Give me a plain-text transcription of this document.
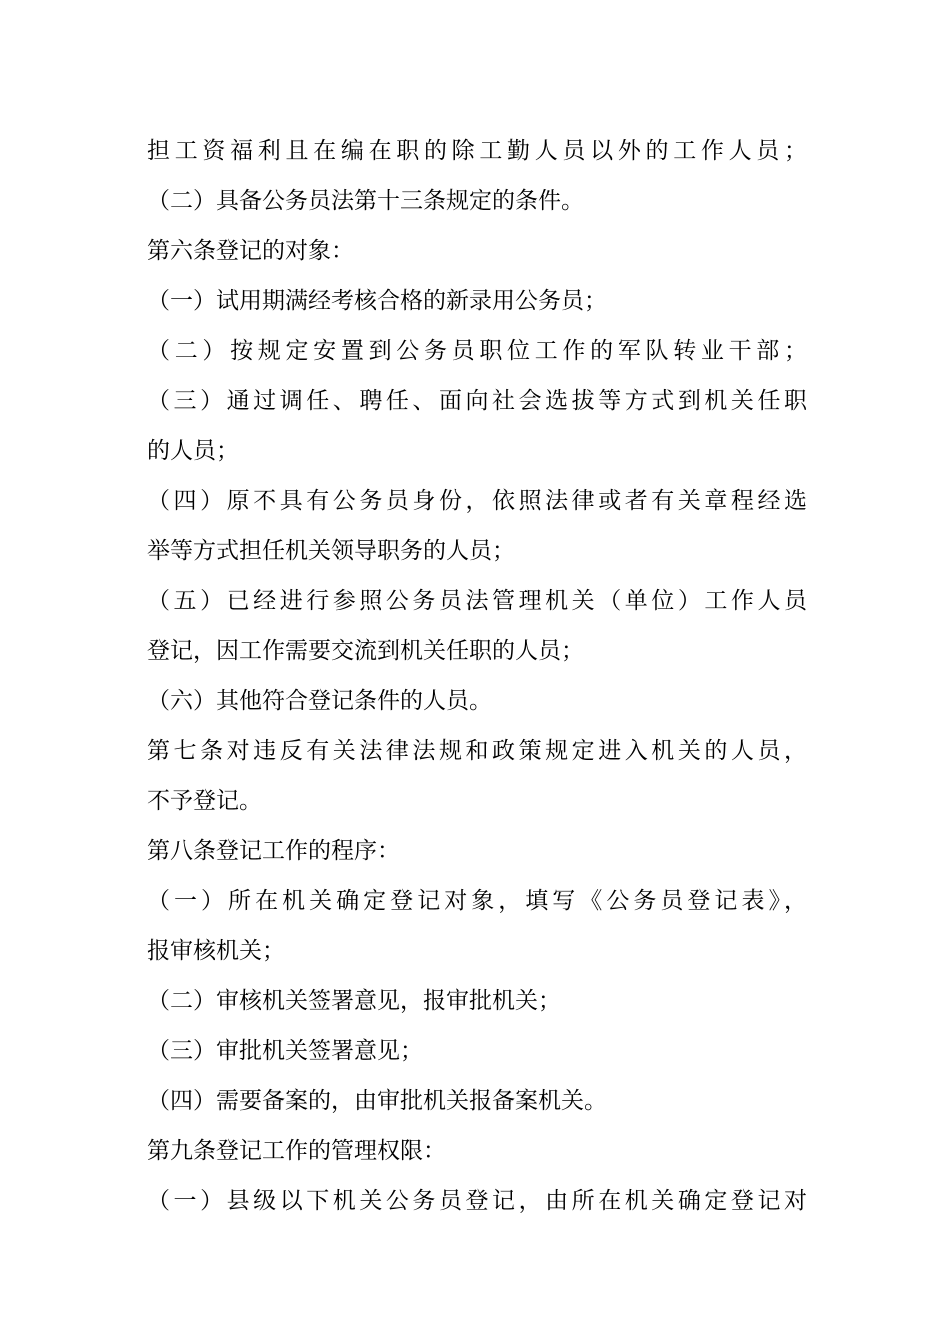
担工资福利且在编在职的除工勤人员以外的工作人员；

（二）具备公务员法第十三条规定的条件。

第六条登记的对象：

（一）试用期满经考核合格的新录用公务员；

（二）按规定安置到公务员职位工作的军队转业干部；

（三）通过调任、聘任、面向社会选拔等方式到机关任职

的人员；

（四）原不具有公务员身份，依照法律或者有关章程经选

举等方式担任机关领导职务的人员；

（五）已经进行参照公务员法管理机关（单位）工作人员

登记，因工作需要交流到机关任职的人员；

（六）其他符合登记条件的人员。

第七条对违反有关法律法规和政策规定进入机关的人员，

不予登记。

第八条登记工作的程序：

（一）所在机关确定登记对象，填写《公务员登记表》，

报审核机关；

（二）审核机关签署意见，报审批机关；

（三）审批机关签署意见；

（四）需要备案的，由审批机关报备案机关。

第九条登记工作的管理权限：

（一）县级以下机关公务员登记，由所在机关确定登记对
